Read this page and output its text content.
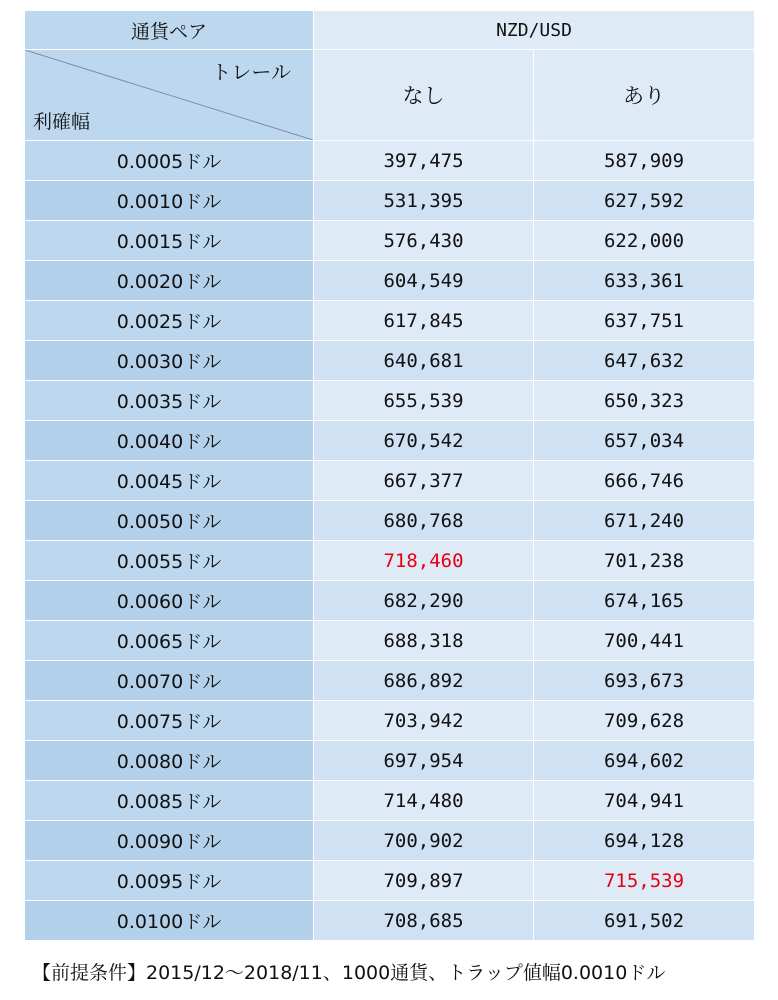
通貨ペア	NZD/USD	

トレール
利確幅	なし	あり
0.0005ドル	397,475	587,909
0.0010ドル	531,395	627,592
0.0015ドル	576,430	622,000
0.0020ドル	604,549	633,361
0.0025ドル	617,845	637,751
0.0030ドル	640,681	647,632
0.0035ドル	655,539	650,323
0.0040ドル	670,542	657,034
0.0045ドル	667,377	666,746
0.0050ドル	680,768	671,240
0.0055ドル	718,460	701,238
0.0060ドル	682,290	674,165
0.0065ドル	688,318	700,441
0.0070ドル	686,892	693,673
0.0075ドル	703,942	709,628
0.0080ドル	697,954	694,602
0.0085ドル	714,480	704,941
0.0090ドル	700,902	694,128
0.0095ドル	709,897	715,539
0.0100ドル	708,685	691,502
【前提条件】2015/12〜2018/11、1000通貨、トラップ値幅0.0010ドル
